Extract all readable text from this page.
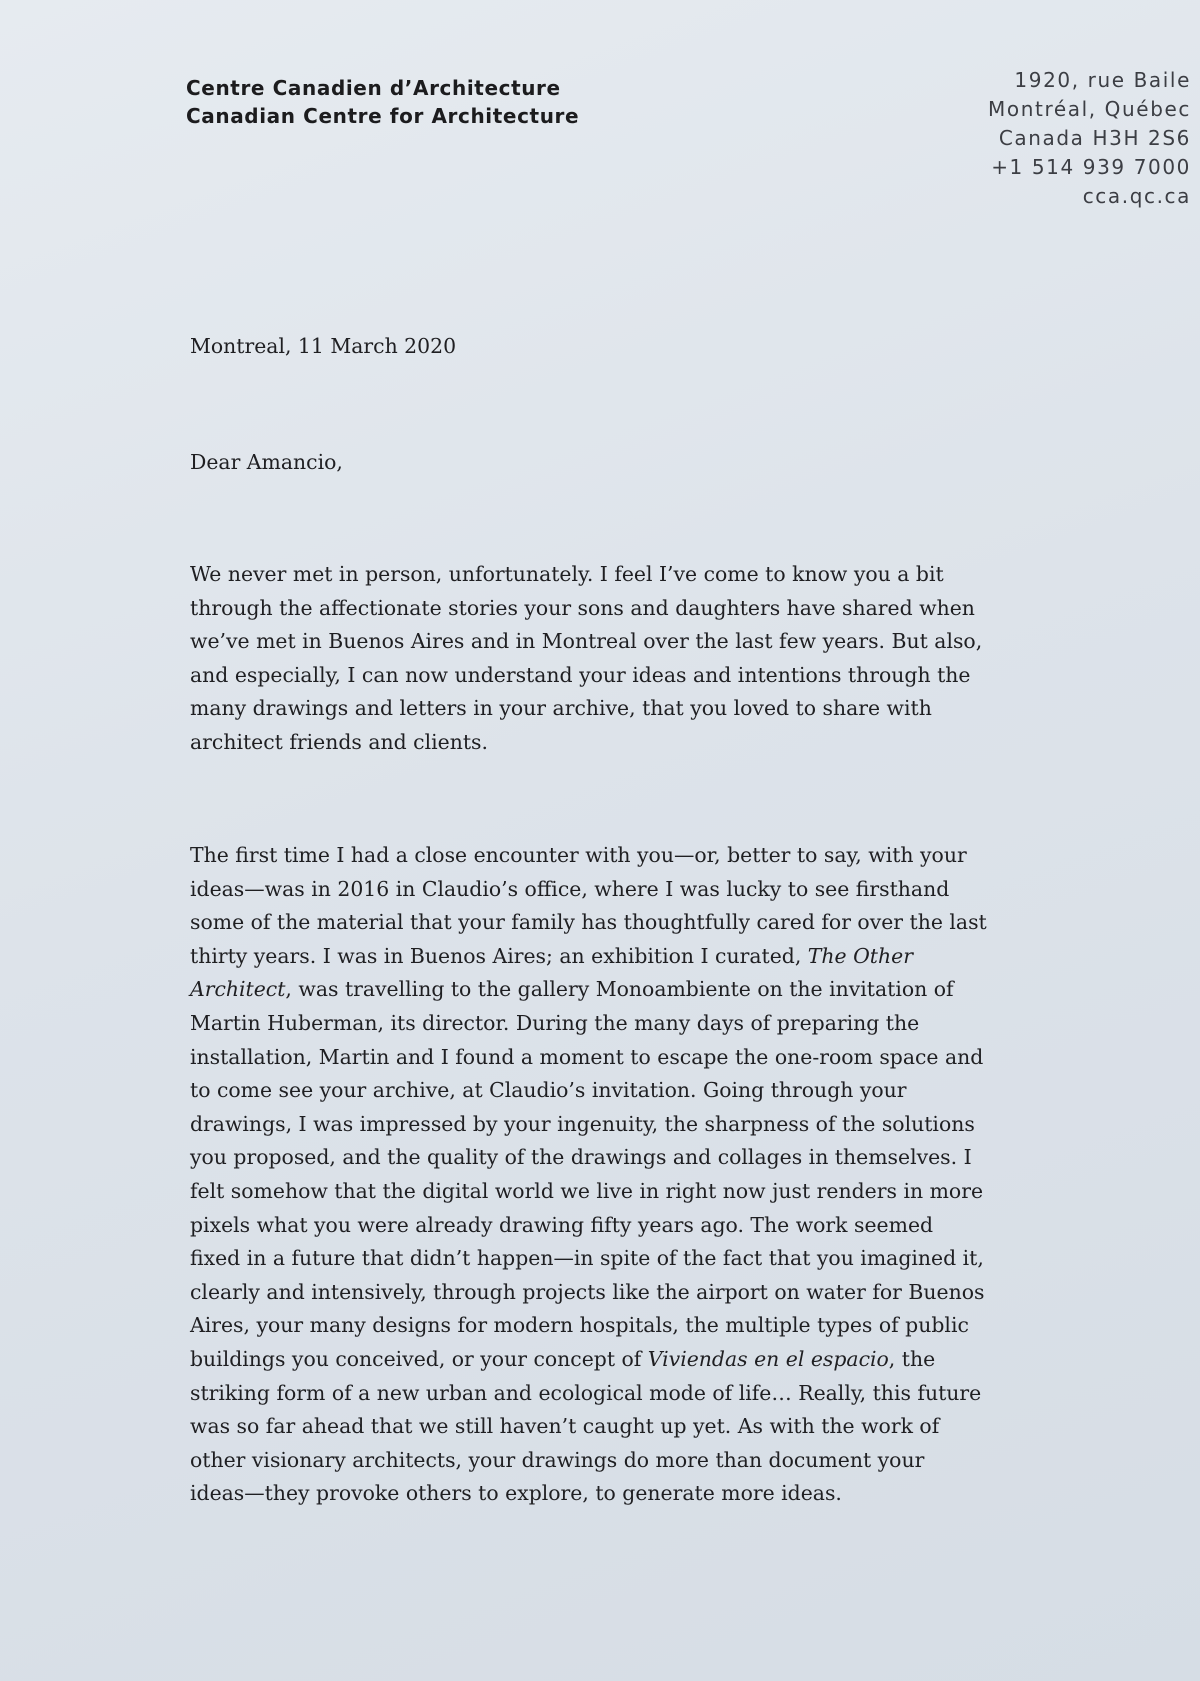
Centre Canadien d’Architecture
Canadian Centre for Architecture
1920, rue Baile
Montréal, Québec
Canada H3H 2S6
+1 514 939 7000
cca.qc.ca
Montreal, 11 March 2020
Dear Amancio,
We never met in person, unfortunately. I feel I’ve come to know you a bit
through the affectionate stories your sons and daughters have shared when
we’ve met in Buenos Aires and in Montreal over the last few years. But also,
and especially, I can now understand your ideas and intentions through the
many drawings and letters in your archive, that you loved to share with
architect friends and clients.
The first time I had a close encounter with you—or, better to say, with your
ideas—was in 2016 in Claudio’s office, where I was lucky to see firsthand
some of the material that your family has thoughtfully cared for over the last
thirty years. I was in Buenos Aires; an exhibition I curated, The Other
Architect, was travelling to the gallery Monoambiente on the invitation of
Martin Huberman, its director. During the many days of preparing the
installation, Martin and I found a moment to escape the one-room space and
to come see your archive, at Claudio’s invitation. Going through your
drawings, I was impressed by your ingenuity, the sharpness of the solutions
you proposed, and the quality of the drawings and collages in themselves. I
felt somehow that the digital world we live in right now just renders in more
pixels what you were already drawing fifty years ago. The work seemed
fixed in a future that didn’t happen—in spite of the fact that you imagined it,
clearly and intensively, through projects like the airport on water for Buenos
Aires, your many designs for modern hospitals, the multiple types of public
buildings you conceived, or your concept of Viviendas en el espacio, the
striking form of a new urban and ecological mode of life… Really, this future
was so far ahead that we still haven’t caught up yet. As with the work of
other visionary architects, your drawings do more than document your
ideas—they provoke others to explore, to generate more ideas.
